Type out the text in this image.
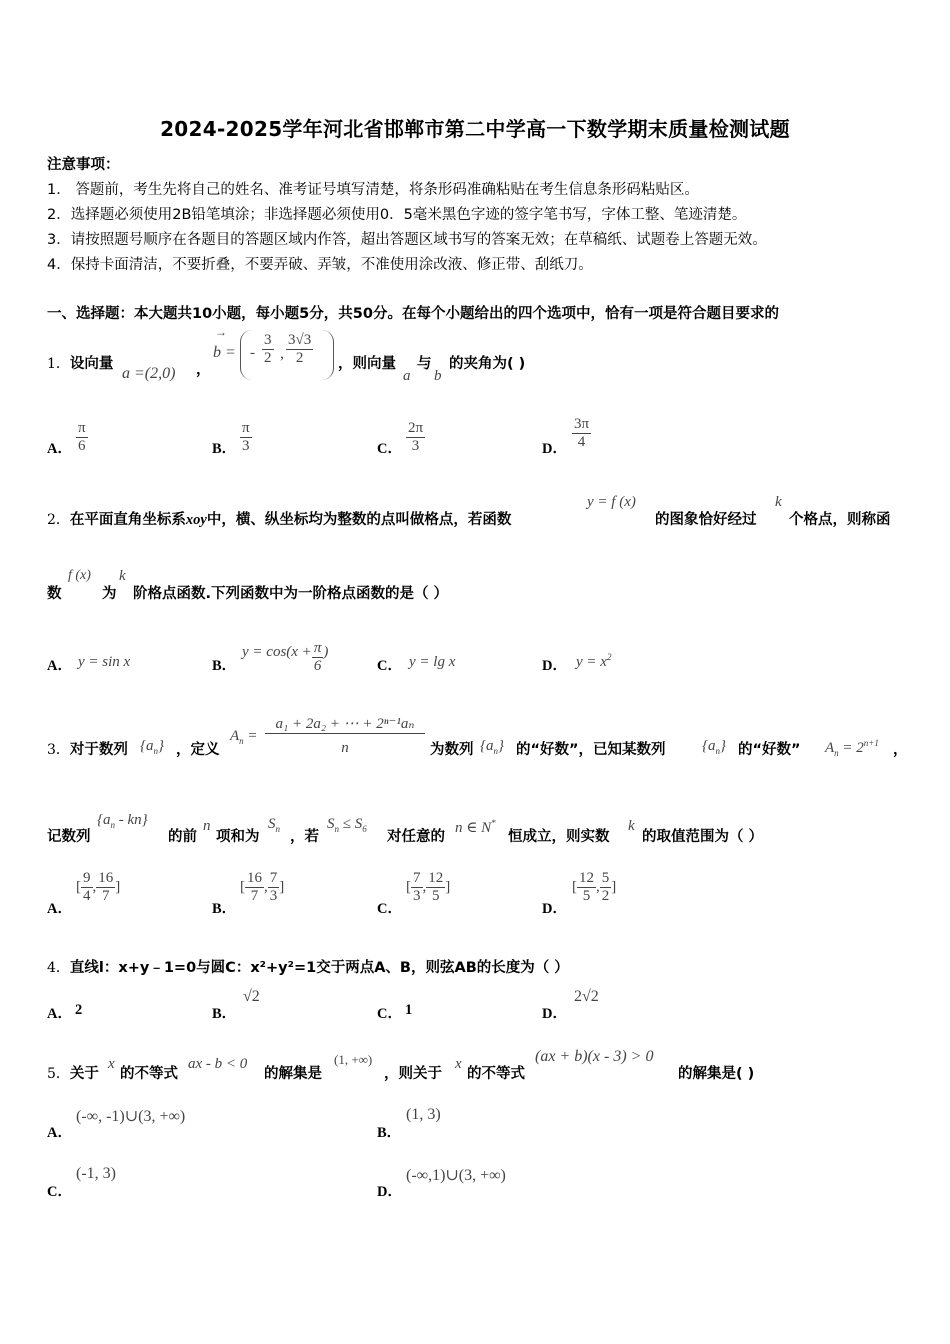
2024-2025学年河北省邯郸市第二中学高一下数学期末质量检测试题
注意事项：
1． 答题前，考生先将自己的姓名、准考证号填写清楚，将条形码准确粘贴在考生信息条形码粘贴区。
2．选择题必须使用2B铅笔填涂；非选择题必须使用0．5毫米黑色字迹的签字笔书写，字体工整、笔迹清楚。
3．请按照题号顺序在各题目的答题区域内作答，超出答题区域书写的答案无效；在草稿纸、试题卷上答题无效。
4．保持卡面清洁，不要折叠，不要弄破、弄皱，不准使用涂改液、修正带、刮纸刀。
一、选择题：本大题共10小题，每小题5分，共50分。在每个小题给出的四个选项中，恰有一项是符合题目要求的
1．设向量
a =(2,0) ，
→
b = - $\frac{3}{2}$ , $\frac{3√3}{2}$ ，则向量
a
与
b
的夹角为( )
A． $\frac{\pi}{6}$	B． $\frac{\pi}{3}$	C． $\frac{2\pi}{3}$	D． $\frac{3\pi}{4}$
2．在平面直角坐标系xoy中，横、纵坐标均为整数的点叫做格点，若函数
y = f (x)
的图象恰好经过
k
个格点，则称函
数
f (x)
为
k
阶格点函数.下列函数中为一阶格点函数的是（ ）
A． y = sin x	B．
$y = \cos(x + \frac{\pi}{6}$ )
C． y = lg x	D． $y = x^2$
3．对于数列 $\{a_n\}$ ，定义
$A_n = \frac{\text{a₁ + 2a₂ + ⋯ + 2ⁿ⁻¹aₙ}}{n}$ 为数列 $\{a_n\}$ 的“好数”，已知某数列 $\{a_n\}$ 的“好数” $A_n = 2^{n+1}$ ，
记数列
$\{a_n - kn\}$
的前
n
项和为
$S_n$ ，若
$S_n \le S_6$ 对任意的
n ∈ N*
恒成立，则实数
k
的取值范围为（ ）
A．
[ $\frac{9}{4}$ , $\frac{16}{7}$ ]
B．
[ $\frac{16}{7}$ , $\frac{7}{3}$ ]
C．
[ $\frac{7}{3}$ , $\frac{12}{5}$ ]
D．
[ $\frac{12}{5}$ , $\frac{5}{2}$ ]
4．直线l：x+y﹣1=0与圆C：x²+y²=1交于两点A、B，则弦AB的长度为（ ）
A． 2	B．
√2
C． 1	D．
2√2
5．关于
x
的不等式
ax - b < 0
的解集是
(1, +∞)
，则关于
x
的不等式
(ax + b)(x - 3) > 0
的解集是( )
A．
(-∞, -1)∪(3, +∞)
B．
(1, 3)
C．
(-1, 3)
D．
(-∞,1)∪(3, +∞)
